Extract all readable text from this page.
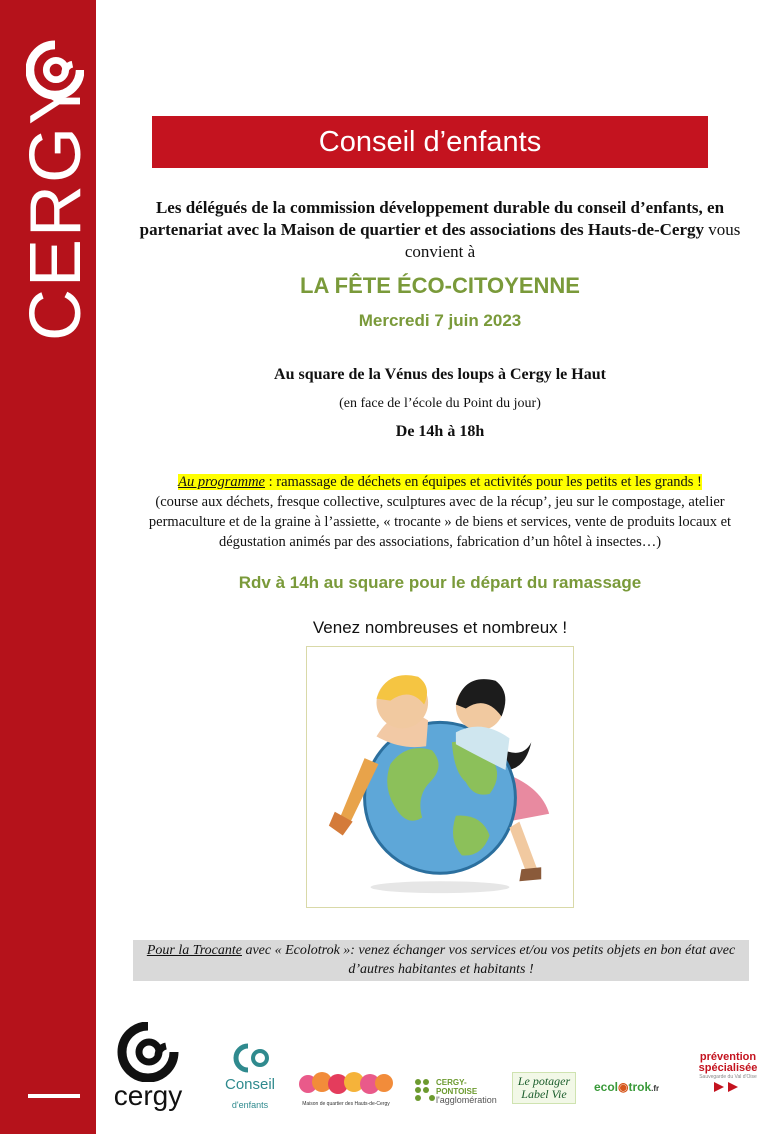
CERGY	Conseil d’enfants
Les délégués de la commission développement durable du conseil d’enfants, en partenariat avec la Maison de quartier et des associations des Hauts-de-Cergy vous convient à
LA FÊTE ÉCO-CITOYENNE
Mercredi 7 juin 2023
Au square de la Vénus des loups à Cergy le Haut
(en face de l’école du Point du jour)
De 14h à 18h
Au programme : ramassage de déchets en équipes et activités pour les petits et les grands !
(course aux déchets, fresque collective, sculptures avec de la récup’, jeu sur le compostage, atelier permaculture et de la graine à l’assiette, « trocante » de biens et services, vente de produits locaux et dégustation animés par des associations, fabrication d’un hôtel à insectes…)
Rdv à 14h au square pour le départ du ramassage
Venez nombreuses et nombreux !
Pour la Trocante avec « Ecolotrok »: venez échanger vos services et/ou vos petits objets en bon état avec d’autres habitantes et habitants !
cergy	Conseil
d'enfants	Maison de quartier des Hauts-de-Cergy
CERGY-
PONTOISE
l'agglomération
Le potager
Label Vie	ecol◉trok.fr
prévention
spécialisée
Sauvegarde du Val d'Oise
